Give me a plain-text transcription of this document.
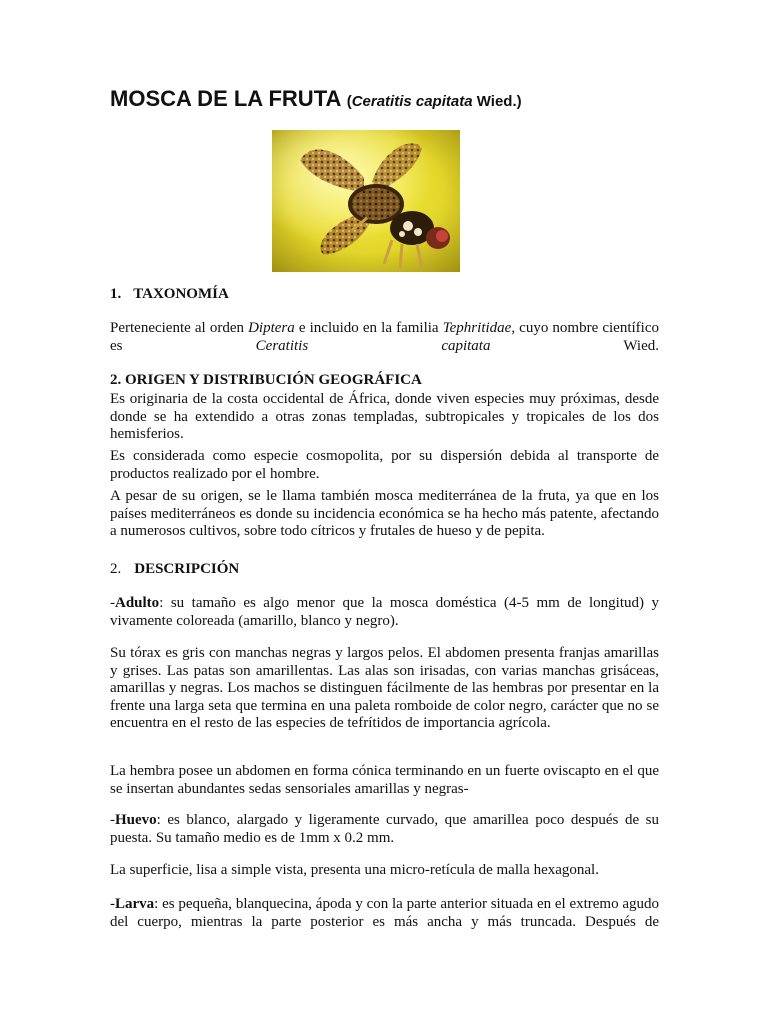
MOSCA DE LA FRUTA (Ceratitis capitata Wied.)
1. TAXONOMÍA

Perteneciente al orden Diptera e incluido en la familia Tephritidae, cuyo nombre científico es Ceratitis capitata Wied.

2. ORIGEN Y DISTRIBUCIÓN GEOGRÁFICA

Es originaria de la costa occidental de África, donde viven especies muy próximas, desde donde se ha extendido a otras zonas templadas, subtropicales y tropicales de los dos hemisferios.

Es considerada como especie cosmopolita, por su dispersión debida al transporte de productos realizado por el hombre.

A pesar de su origen, se le llama también mosca mediterránea de la fruta, ya que en los países mediterráneos es donde su incidencia económica se ha hecho más patente, afectando a numerosos cultivos, sobre todo cítricos y frutales de hueso y de pepita.

2. DESCRIPCIÓN

-Adulto: su tamaño es algo menor que la mosca doméstica (4-5 mm de longitud) y vivamente coloreada (amarillo, blanco y negro).

Su tórax es gris con manchas negras y largos pelos. El abdomen presenta franjas amarillas y grises. Las patas son amarillentas. Las alas son irisadas, con varias manchas grisáceas, amarillas y negras. Los machos se distinguen fácilmente de las hembras por presentar en la frente una larga seta que termina en una paleta romboide de color negro, carácter que no se encuentra en el resto de las especies de tefrítidos de importancia agrícola.

La hembra posee un abdomen en forma cónica terminando en un fuerte oviscapto en el que se insertan abundantes sedas sensoriales amarillas y negras-

-Huevo: es blanco, alargado y ligeramente curvado, que amarillea poco después de su puesta. Su tamaño medio es de 1mm x 0.2 mm.

La superficie, lisa a simple vista, presenta una micro-retícula de malla hexagonal.

-Larva: es pequeña, blanquecina, ápoda y con la parte anterior situada en el extremo agudo del cuerpo, mientras la parte posterior es más ancha y más truncada. Después de
